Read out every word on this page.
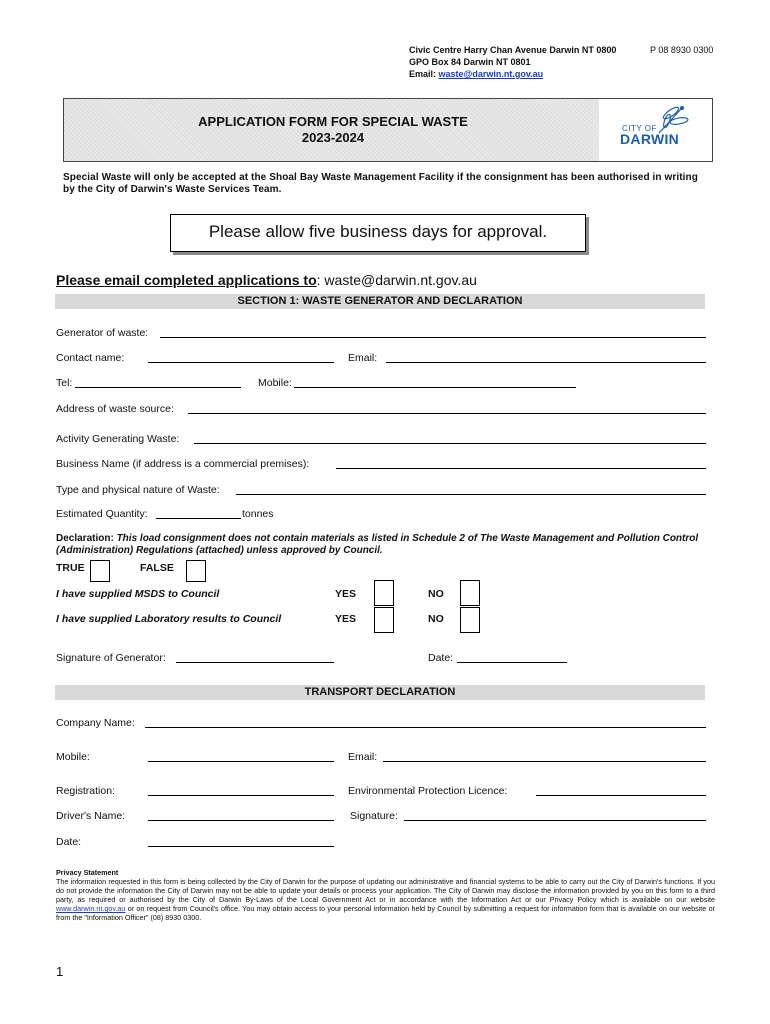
Civic Centre Harry Chan Avenue Darwin NT 0800
GPO Box 84 Darwin NT 0801
Email: waste@darwin.nt.gov.au
P 08 8930 0300
CITY OF
DARWIN
APPLICATION FORM FOR SPECIAL WASTE
2023-2024
Special Waste will only be accepted at the Shoal Bay Waste Management Facility if the consignment has been authorised in writing by the City of Darwin's Waste Services Team.
Please allow five business days for approval.
Please email completed applications to: waste@darwin.nt.gov.au
SECTION 1: WASTE GENERATOR AND DECLARATION
Generator of waste:
Contact name:	Email:
Tel:	Mobile:
Address of waste source:
Activity Generating Waste:
Business Name (if address is a commercial premises):
Type and physical nature of Waste:
Estimated Quantity:	tonnes
Declaration: This load consignment does not contain materials as listed in Schedule 2 of The Waste Management and Pollution Control (Administration) Regulations (attached) unless approved by Council.
TRUE	FALSE
I have supplied MSDS to Council	YES	NO
I have supplied Laboratory results to Council	YES	NO
Signature of Generator:	Date:
TRANSPORT DECLARATION
Company Name:
Mobile:	Email:
Registration:	Environmental Protection Licence:
Driver's Name:	Signature:
Date:
Privacy Statement
The information requested in this form is being collected by the City of Darwin for the purpose of updating our administrative and financial systems to be able to carry out the City of Darwin's functions. If you do not provide the information the City of Darwin may not be able to update your details or process your application. The City of Darwin may disclose the information provided by you on this form to a third party, as required or authorised by the City of Darwin By-Laws of the Local Government Act or in accordance with the Information Act or our Privacy Policy which is available on our website www.darwin.nt.gov.au or on request from Council's office. You may obtain access to your personal information held by Council by submitting a request for information form that is available on our website or from the "Information Officer" (08) 8930 0300.
1
